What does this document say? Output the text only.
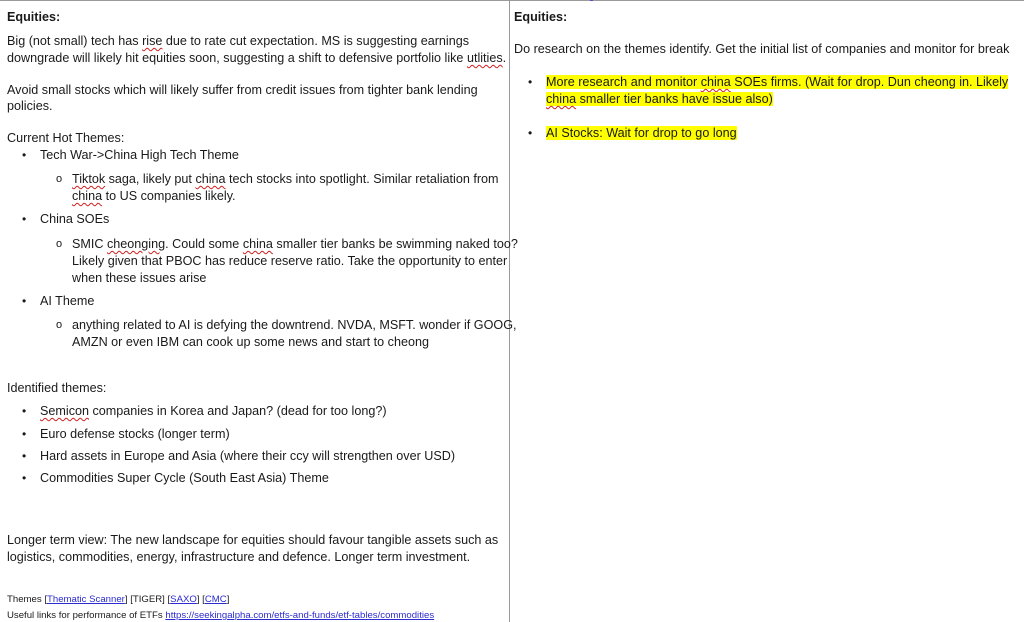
Equities:
Big (not small) tech has rise due to rate cut expectation. MS is suggesting earnings
downgrade will likely hit equities soon, suggesting a shift to defensive portfolio like utlities.
Avoid small stocks which will likely suffer from credit issues from tighter bank lending
policies.
Current Hot Themes:
• Tech War->China High Tech Theme
o Tiktok saga, likely put china tech stocks into spotlight. Similar retaliation from
china to US companies likely.
• China SOEs
o SMIC cheonging. Could some china smaller tier banks be swimming naked too?
Likely given that PBOC has reduce reserve ratio. Take the opportunity to enter
when these issues arise
• AI Theme
o anything related to AI is defying the downtrend. NVDA, MSFT. wonder if GOOG,
AMZN or even IBM can cook up some news and start to cheong
Identified themes:
• Semicon companies in Korea and Japan? (dead for too long?)
• Euro defense stocks (longer term)
• Hard assets in Europe and Asia (where their ccy will strengthen over USD)
• Commodities Super Cycle (South East Asia) Theme
Longer term view: The new landscape for equities should favour tangible assets such as
logistics, commodities, energy, infrastructure and defence. Longer term investment.
Themes [Thematic Scanner] [TIGER] [SAXO] [CMC]
Useful links for performance of ETFs https://seekingalpha.com/etfs-and-funds/etf-tables/commodities
Equities:
Do research on the themes identify. Get the initial list of companies and monitor for break
• More research and monitor china SOEs firms. (Wait for drop. Dun cheong in. Likely
china smaller tier banks have issue also)
• AI Stocks: Wait for drop to go long
